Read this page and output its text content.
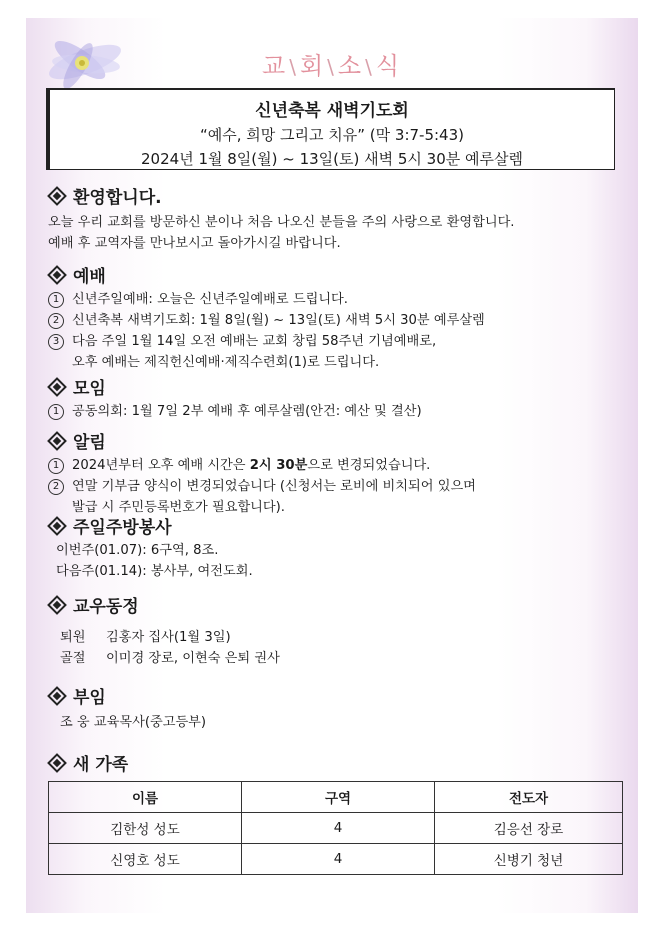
교 \회 \소 \식
신년축복 새벽기도회
“예수, 희망 그리고 치유” (막 3:7-5:43)
2024년 1월 8일(월) ~ 13일(토) 새벽 5시 30분 예루살렘
환영합니다.
오늘 우리 교회를 방문하신 분이나 처음 나오신 분들을 주의 사랑으로 환영합니다.
예배 후 교역자를 만나보시고 돌아가시길 바랍니다.
예배
1 신년주일예배: 오늘은 신년주일예배로 드립니다.
2 신년축복 새벽기도회: 1월 8일(월) ~ 13일(토) 새벽 5시 30분 예루살렘
3 다음 주일 1월 14일 오전 예배는 교회 창립 58주년 기념예배로,
오후 예배는 제직헌신예배·제직수련회(1)로 드립니다.
모임
1 공동의회: 1월 7일 2부 예배 후 예루살렘(안건: 예산 및 결산)
알림
1 2024년부터 오후 예배 시간은 2시 30분으로 변경되었습니다.
2 연말 기부금 양식이 변경되었습니다 (신청서는 로비에 비치되어 있으며
발급 시 주민등록번호가 필요합니다).
주일주방봉사
이번주(01.07): 6구역, 8조.
다음주(01.14): 봉사부, 여전도회.
교우동정
퇴원 김홍자 집사(1월 3일)
골절 이미경 장로, 이현숙 은퇴 권사
부임
조 웅 교육목사(중고등부)
새 가족
이름	구역	전도자
김한성 성도	4	김응선 장로
신영호 성도	4	신병기 청년
